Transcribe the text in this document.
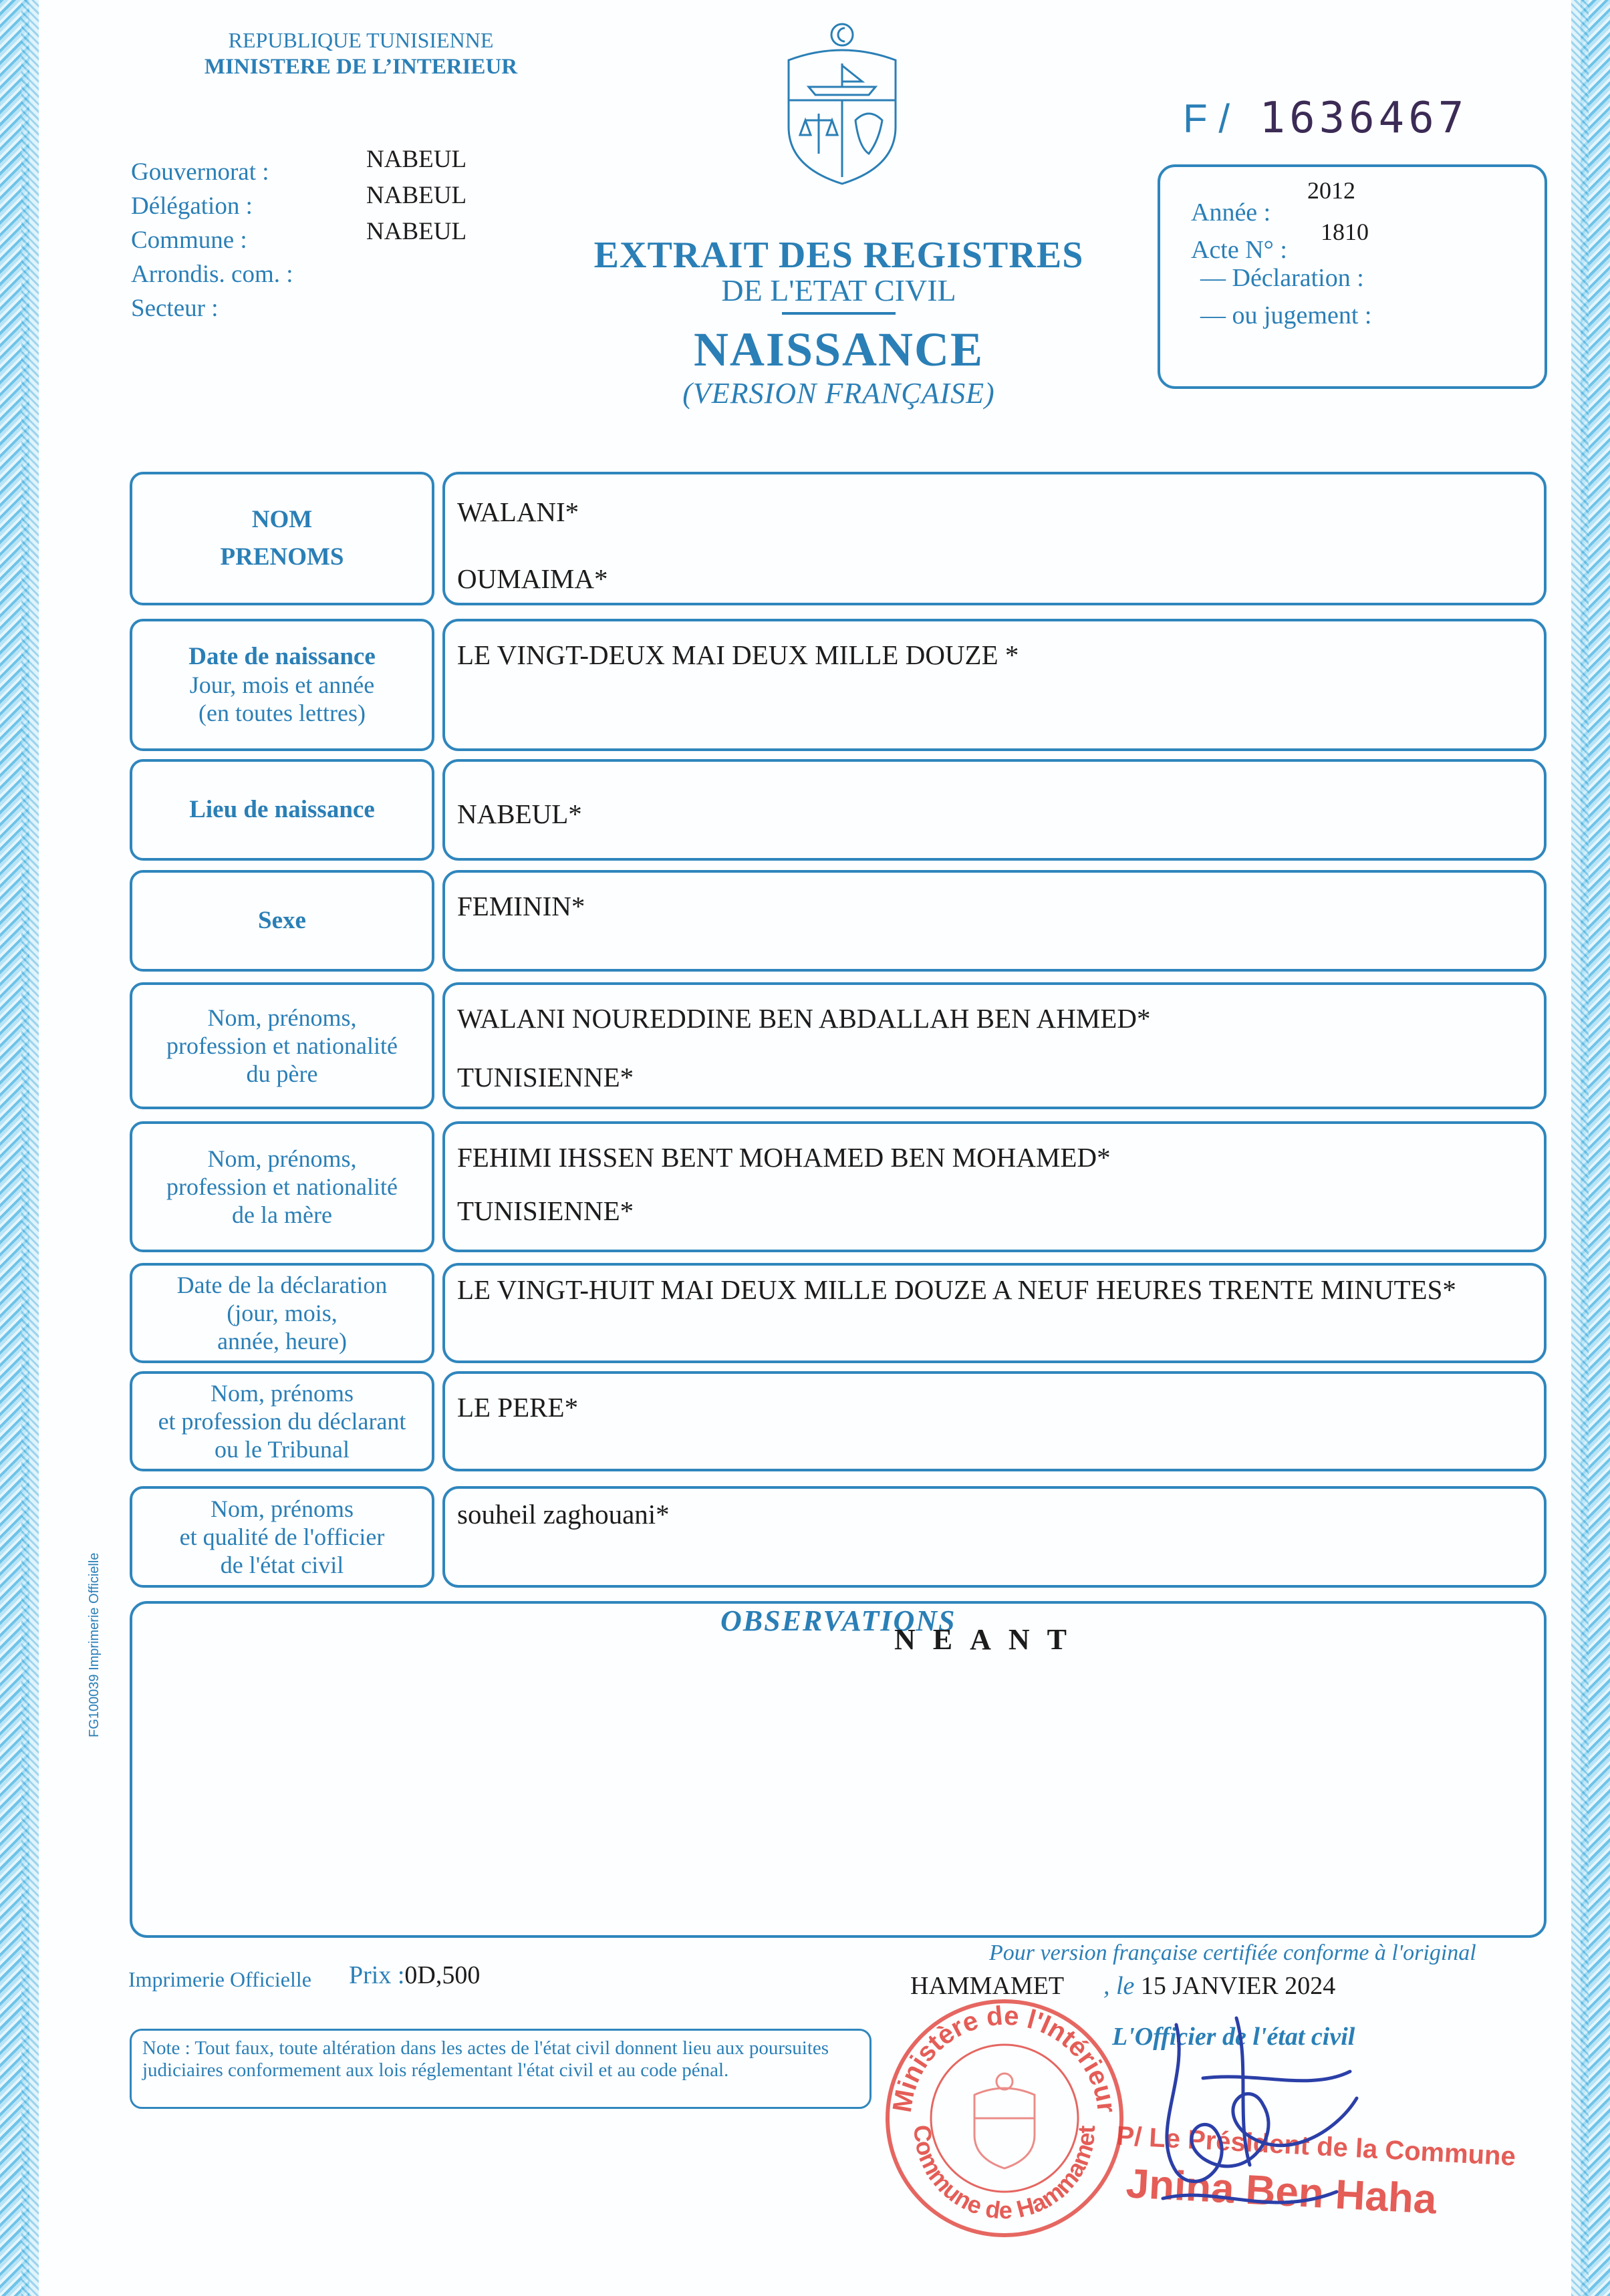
REPUBLIQUE TUNISIENNE
MINISTERE DE L’INTERIEUR
Gouvernorat :
Délégation :
Commune :
Arrondis. com. :
Secteur :
NABEUL
NABEUL
NABEUL
F / 1636467
Année :
2012
Acte N° :
1810
— Déclaration :
— ou jugement :
EXTRAIT DES REGISTRES
DE L'ETAT CIVIL
NAISSANCE
(VERSION FRANÇAISE)
NOM
PRENOMS
WALANI*
OUMAIMA*
Date de naissance
Jour, mois et année
(en toutes lettres)
LE VINGT-DEUX MAI DEUX MILLE DOUZE *
Lieu de naissance	NABEUL*
Sexe	FEMININ*
Nom, prénoms,
profession et nationalité
du père
WALANI NOUREDDINE BEN ABDALLAH BEN AHMED*
TUNISIENNE*
Nom, prénoms,
profession et nationalité
de la mère
FEHIMI IHSSEN BENT MOHAMED BEN MOHAMED*
TUNISIENNE*
Date de la déclaration
(jour, mois,
année, heure)
LE VINGT-HUIT MAI DEUX MILLE DOUZE A NEUF HEURES TRENTE MINUTES*
Nom, prénoms
et profession du déclarant
ou le Tribunal
LE PERE*
Nom, prénoms
et qualité de l'officier
de l'état civil
souheil zaghouani*
OBSERVATIONS
NEANT
FG100039 Imprimerie Officielle
Imprimerie Officielle Prix :0D,500
Pour version française certifiée conforme à l'original
HAMMAMET , le 15 JANVIER 2024
Note : Tout faux, toute altération dans les actes de l'état civil donnent lieu aux poursuites judiciaires conformement aux lois réglementant l'état civil et au code pénal.
L'Officier de l'état civil
Ministère de l'Intérieur
Commune de Hammamet P/ Le Président de la Commune
Jnina Ben Haha
